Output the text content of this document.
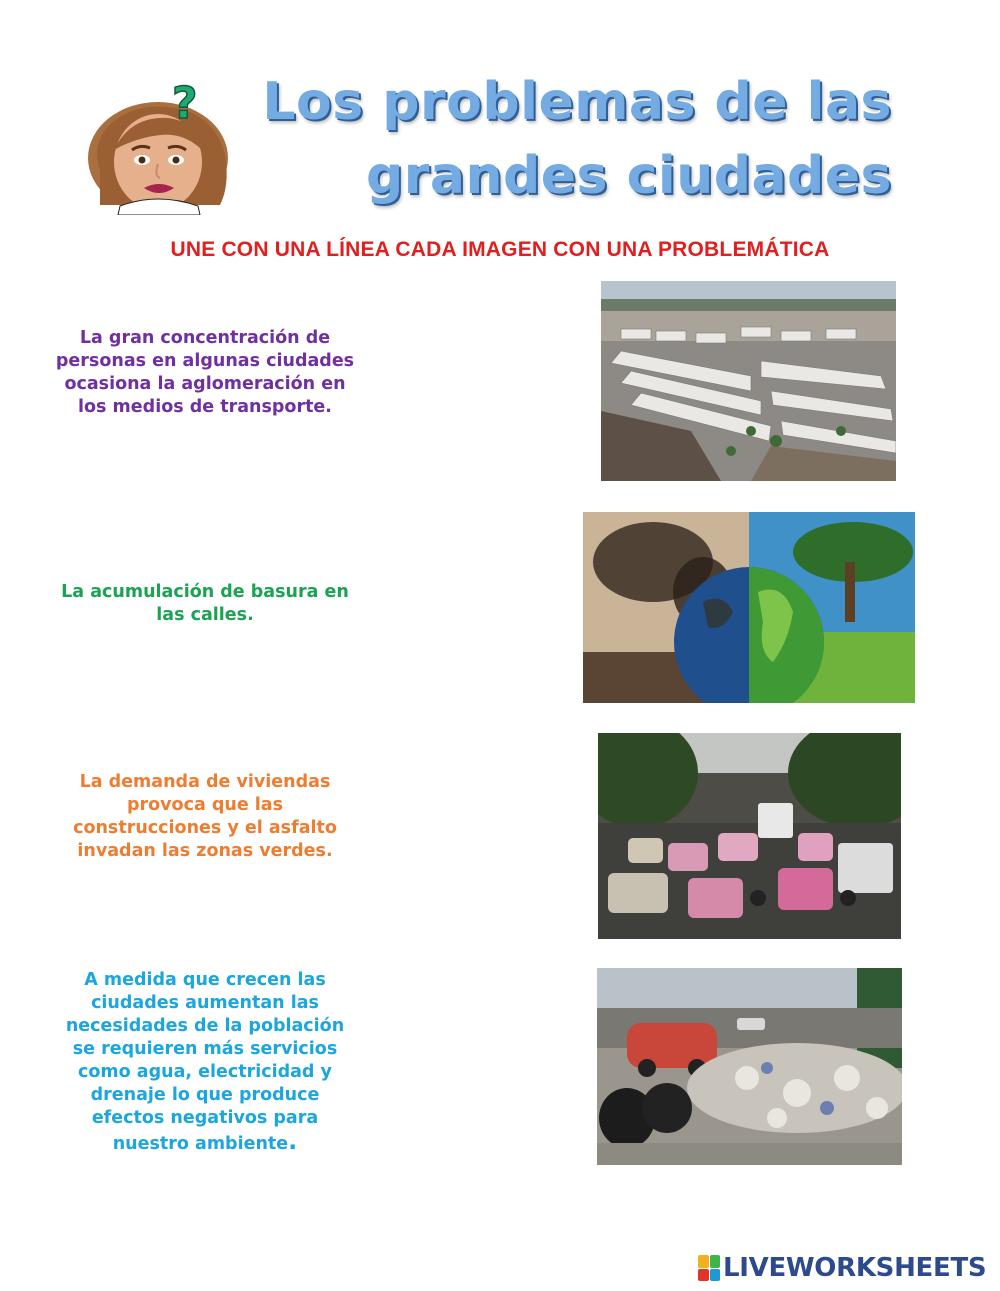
? Los problemas de las
grandes ciudades
UNE CON UNA LÍNEA CADA IMAGEN CON UNA PROBLEMÁTICA
La gran concentración de personas en algunas ciudades ocasiona la aglomeración en los medios de transporte.
La acumulación de basura en las calles.
La demanda de viviendas provoca que las construcciones y el asfalto invadan las zonas verdes.
A medida que crecen las ciudades aumentan las necesidades de la población se requieren más servicios como agua, electricidad y drenaje lo que produce efectos negativos para nuestro ambiente.
LIVEWORKSHEETS
